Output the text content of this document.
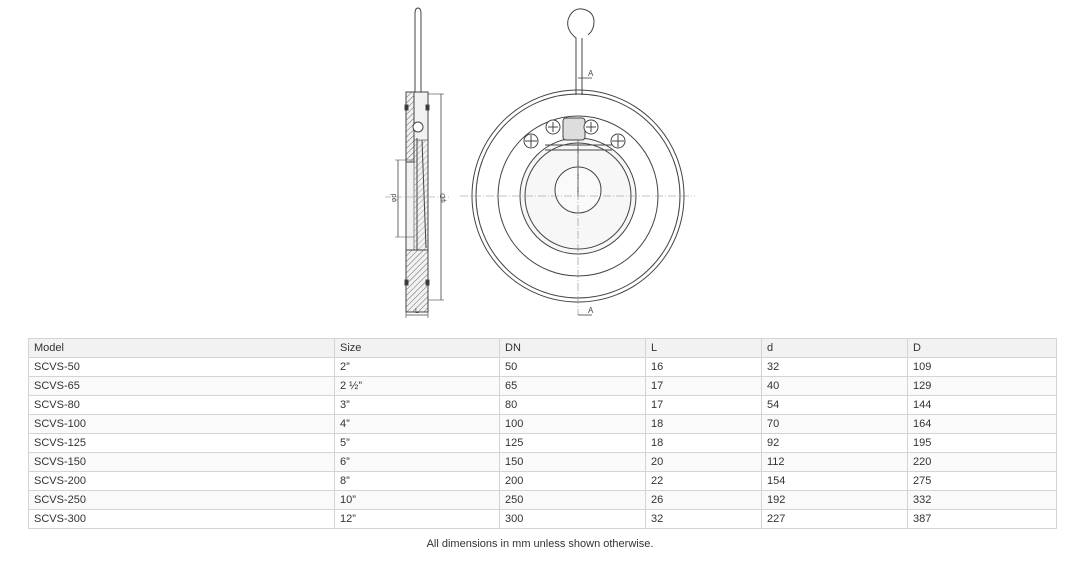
φd	φD
L
A
A
Model	Size	DN	L	d	D
SCVS-50	2”	50	16	32	109
SCVS-65	2 ½”	65	17	40	129
SCVS-80	3”	80	17	54	144
SCVS-100	4”	100	18	70	164
SCVS-125	5”	125	18	92	195
SCVS-150	6”	150	20	112	220
SCVS-200	8”	200	22	154	275
SCVS-250	10”	250	26	192	332
SCVS-300	12”	300	32	227	387
All dimensions in mm unless shown otherwise.
